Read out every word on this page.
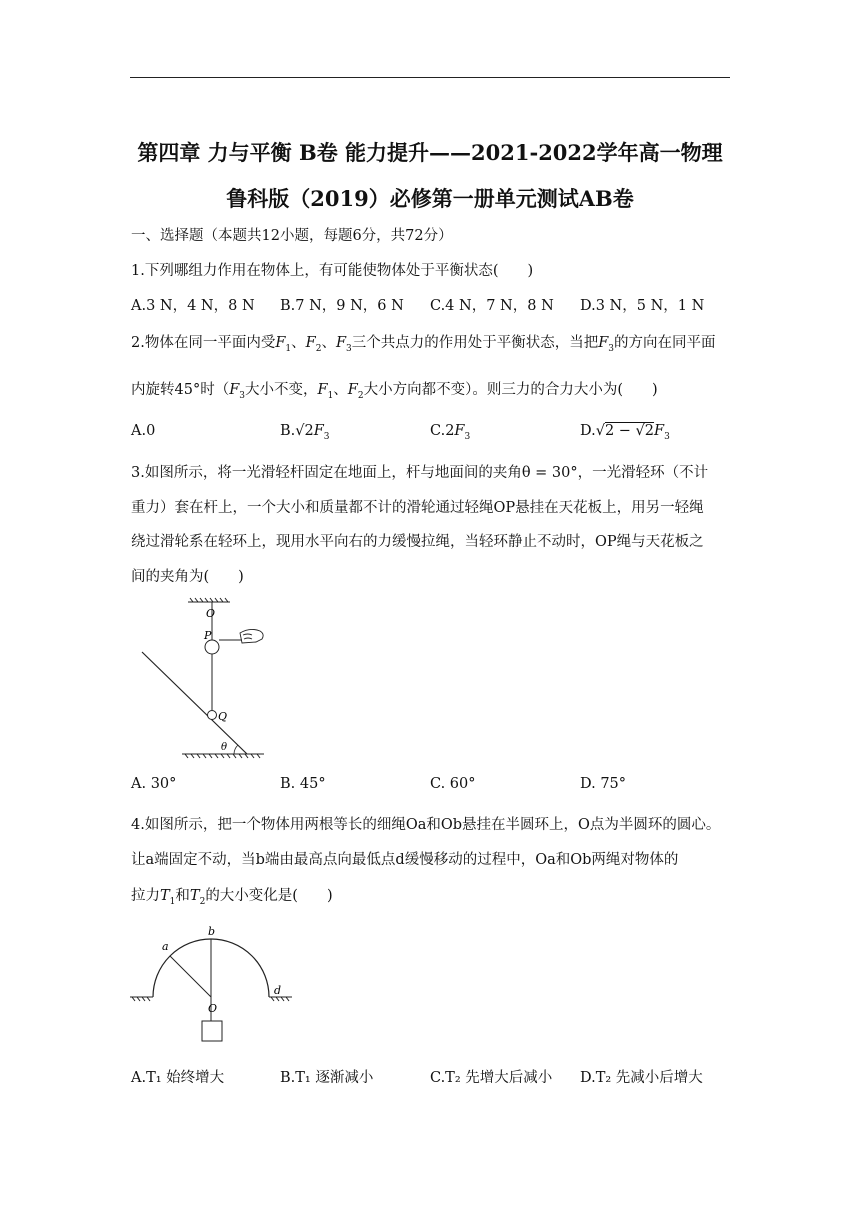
第四章 力与平衡 B卷 能力提升——2021-2022学年高一物理
鲁科版（2019）必修第一册单元测试AB卷
一、选择题（本题共12小题，每题6分，共72分）
1.下列哪组力作用在物体上，有可能使物体处于平衡状态(　　)
A.3 N，4 N，8 N B.7 N，9 N，6 N C.4 N，7 N，8 N D.3 N，5 N，1 N
2.物体在同一平面内受$F_1$、$F_2$、$F_3$三个共点力的作用处于平衡状态，当把$F_3$的方向在同平面
内旋转45°时（$F_3$大小不变，$F_1$、$F_2$大小方向都不变）。则三力的合力大小为(　　)
A.0	$B.√2F_3$	$C.2F_3$	$D.√2 - √2F_3$
3.如图所示，将一光滑轻杆固定在地面上，杆与地面间的夹角θ = 30°，一光滑轻环（不计
重力）套在杆上，一个大小和质量都不计的滑轮通过轻绳OP悬挂在天花板上，用另一轻绳
绕过滑轮系在轻环上，现用水平向右的力缓慢拉绳，当轻环静止不动时，OP绳与天花板之
间的夹角为(　　)
O
P
Q
θ
A. 30°	B. 45°	C. 60°	D. 75°
4.如图所示，把一个物体用两根等长的细绳Oa和Ob悬挂在半圆环上，O点为半圆环的圆心。
让a端固定不动，当b端由最高点向最低点d缓慢移动的过程中，Oa和Ob两绳对物体的
拉力$T_1$和$T_2$的大小变化是(　　)
a
b
O
d
A.T₁ 始终增大	B.T₁ 逐渐减小	C.T₂ 先增大后减小 D.T₂ 先减小后增大
